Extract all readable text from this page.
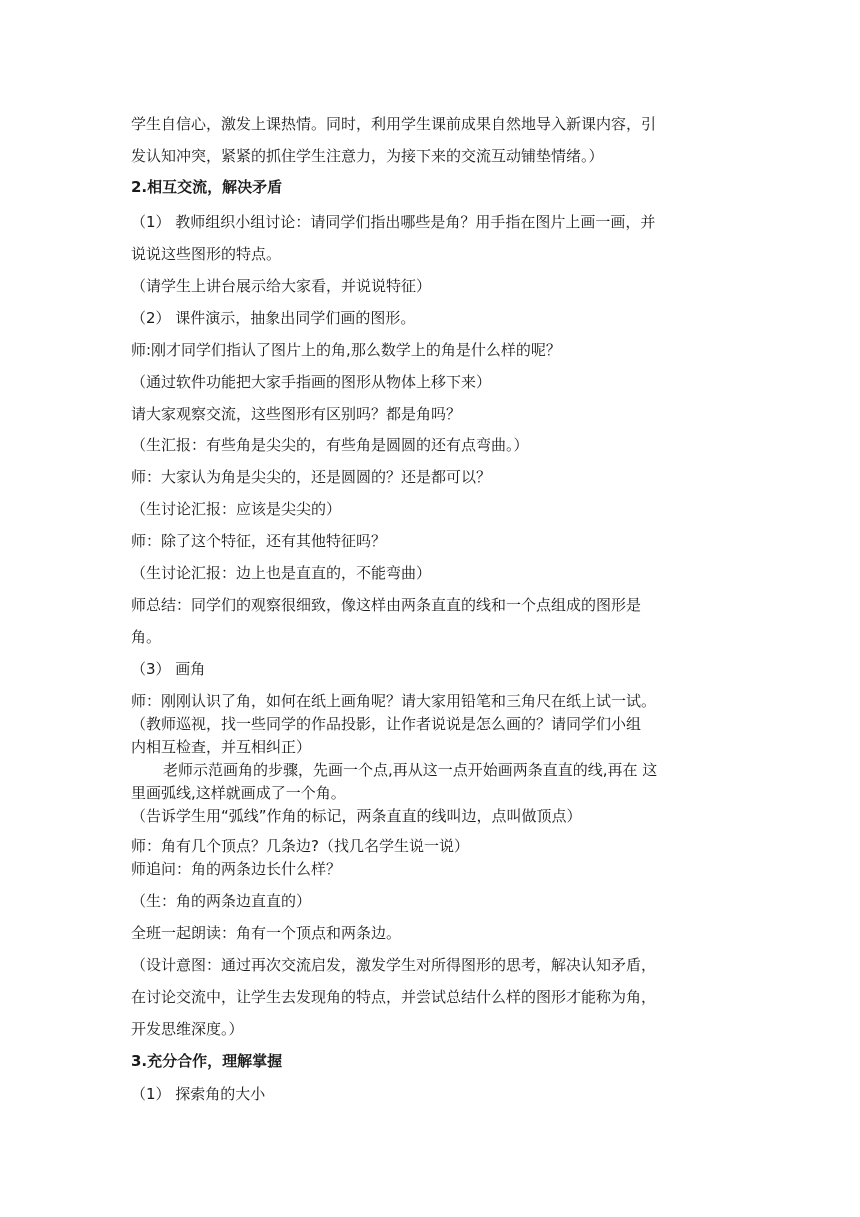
学生自信心，激发上课热情。同时，利用学生课前成果自然地导入新课内容，引

发认知冲突，紧紧的抓住学生注意力，为接下来的交流互动铺垫情绪。）

2.相互交流，解决矛盾

（1） 教师组织小组讨论：请同学们指出哪些是角？用手指在图片上画一画，并

说说这些图形的特点。

（请学生上讲台展示给大家看，并说说特征）

（2） 课件演示，抽象出同学们画的图形。

师:刚才同学们指认了图片上的角,那么数学上的角是什么样的呢？

（通过软件功能把大家手指画的图形从物体上移下来）

请大家观察交流，这些图形有区别吗？都是角吗？

（生汇报：有些角是尖尖的，有些角是圆圆的还有点弯曲。）

师：大家认为角是尖尖的，还是圆圆的？还是都可以？

（生讨论汇报：应该是尖尖的）

师：除了这个特征，还有其他特征吗？

（生讨论汇报：边上也是直直的，不能弯曲）

师总结：同学们的观察很细致，像这样由两条直直的线和一个点组成的图形是

角。

（3） 画角

师：刚刚认识了角，如何在纸上画角呢？请大家用铅笔和三角尺在纸上试一试。

（教师巡视，找一些同学的作品投影，让作者说说是怎么画的？请同学们小组

内相互检查，并互相纠正）

老师示范画角的步骤，先画一个点,再从这一点开始画两条直直的线,再在 这

里画弧线,这样就画成了一个角。

（告诉学生用“弧线”作角的标记，两条直直的线叫边，点叫做顶点）

师：角有几个顶点？几条边?（找几名学生说一说）

师追问：角的两条边长什么样？

（生：角的两条边直直的）

全班一起朗读：角有一个顶点和两条边。

（设计意图：通过再次交流启发，激发学生对所得图形的思考，解决认知矛盾，

在讨论交流中，让学生去发现角的特点，并尝试总结什么样的图形才能称为角，

开发思维深度。）

3.充分合作，理解掌握

（1） 探索角的大小
